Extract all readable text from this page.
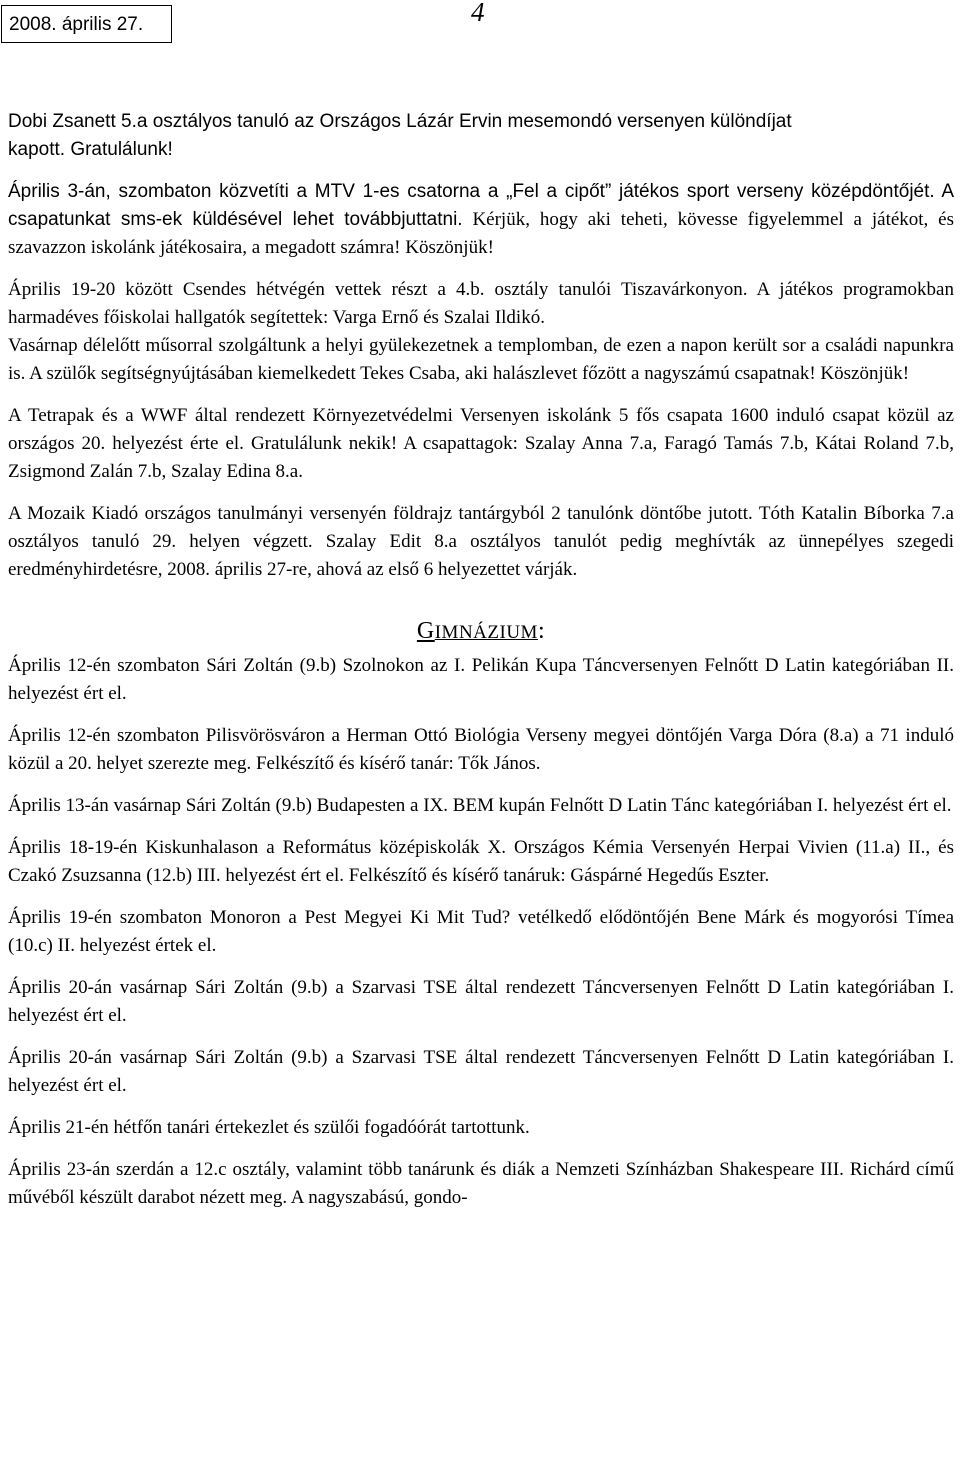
2008. április 27.	4

Dobi Zsanett 5.a osztályos tanuló az Országos Lázár Ervin mesemondó versenyen különdíjat
kapott. Gratulálunk!

Április 3-án, szombaton közvetíti a MTV 1-es csatorna a „Fel a cipőt” játékos sport verseny középdöntőjét. A csapatunkat sms-ek küldésével lehet továbbjuttatni. Kérjük, hogy aki teheti, kövesse figyelemmel a játékot, és szavazzon iskolánk játékosaira, a megadott számra! Köszönjük!

Április 19-20 között Csendes hétvégén vettek részt a 4.b. osztály tanulói Tiszavárkonyon. A játékos programokban harmadéves főiskolai hallgatók segítettek: Varga Ernő és Szalai Ildikó.

Vasárnap délelőtt műsorral szolgáltunk a helyi gyülekezetnek a templomban, de ezen a napon került sor a családi napunkra is. A szülők segítségnyújtásában kiemelkedett Tekes Csaba, aki halászlevet főzött a nagyszámú csapatnak! Köszönjük!

A Tetrapak és a WWF által rendezett Környezetvédelmi Versenyen iskolánk 5 fős csapata 1600 induló csapat közül az országos 20. helyezést érte el. Gratulálunk nekik! A csapattagok: Szalay Anna 7.a, Faragó Tamás 7.b, Kátai Roland 7.b, Zsigmond Zalán 7.b, Szalay Edina 8.a.

A Mozaik Kiadó országos tanulmányi versenyén földrajz tantárgyból 2 tanulónk döntőbe jutott. Tóth Katalin Bíborka 7.a osztályos tanuló 29. helyen végzett. Szalay Edit 8.a osztályos tanulót pedig meghívták az ünnepélyes szegedi eredményhirdetésre, 2008. április 27-re, ahová az első 6 helyezettet várják.

GIMNÁZIUM:

Április 12-én szombaton Sári Zoltán (9.b) Szolnokon az I. Pelikán Kupa Táncversenyen Felnőtt D Latin kategóriában II. helyezést ért el.

Április 12-én szombaton Pilisvörösváron a Herman Ottó Biológia Verseny megyei döntőjén Varga Dóra (8.a) a 71 induló közül a 20. helyet szerezte meg. Felkészítő és kísérő tanár: Tők János.

Április 13-án vasárnap Sári Zoltán (9.b) Budapesten a IX. BEM kupán Felnőtt D Latin Tánc kategóriában I. helyezést ért el.

Április 18-19-én Kiskunhalason a Református középiskolák X. Országos Kémia Versenyén Herpai Vivien (11.a) II., és Czakó Zsuzsanna (12.b) III. helyezést ért el. Felkészítő és kísérő tanáruk: Gáspárné Hegedűs Eszter.

Április 19-én szombaton Monoron a Pest Megyei Ki Mit Tud? vetélkedő elődöntőjén Bene Márk és mogyorósi Tímea (10.c) II. helyezést értek el.

Április 20-án vasárnap Sári Zoltán (9.b) a Szarvasi TSE által rendezett Táncversenyen Felnőtt D Latin kategóriában I. helyezést ért el.

Április 20-án vasárnap Sári Zoltán (9.b) a Szarvasi TSE által rendezett Táncversenyen Felnőtt D Latin kategóriában I. helyezést ért el.

Április 21-én hétfőn tanári értekezlet és szülői fogadóórát tartottunk.

Április 23-án szerdán a 12.c osztály, valamint több tanárunk és diák a Nemzeti Színházban Shakespeare III. Richárd című művéből készült darabot nézett meg. A nagyszabású, gondo-
